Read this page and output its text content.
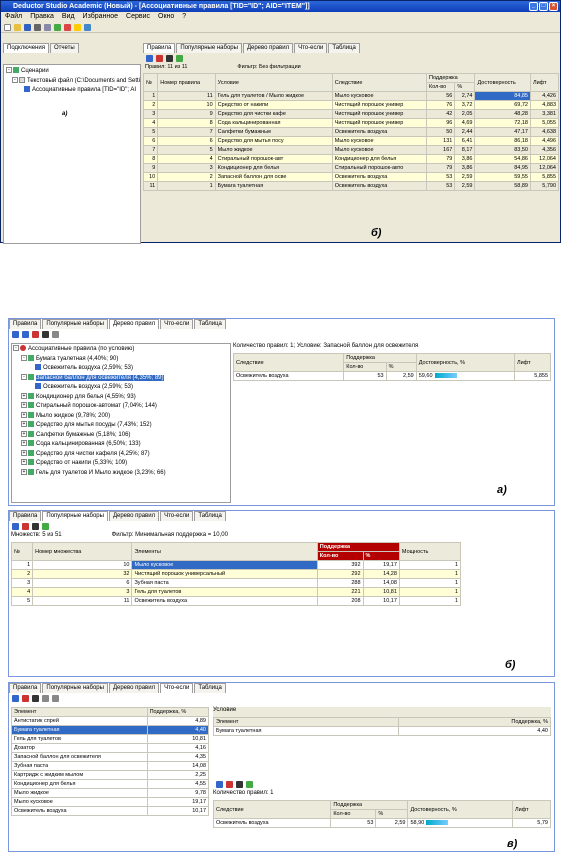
Deductor Studio Academic (Новый) - [Ассоциативные правила [TID="ID"; AID="ITEM"]]	_	□	×
Файл Правка Вид Избранное Сервис Окно ?
Подключения	Отчеты
- Сценарии
- Текстовый файл (C:\Documents and Setti
Ассоциативные правила [TID="ID"; AI
а)
Правила	Популярные наборы	Дерево правил	Что-если	Таблица
Правил: 11 из 11	Фильтр: Без фильтрации
№	Номер правила	Условие	Следствие	Поддержка		Достоверность	Лифт
				Кол-во	%		
1	11	Гель для туалетов / Мыло жидкое	Мыло кусковое	56	2,74	84,85	4,426
2	10	Средство от накипи	Чистящий порошок универ	76	3,72	69,72	4,883
3	9	Средство для чистки кафе	Чистящий порошок универ	42	2,05	48,28	3,381
4	8	Сода кальцинированная	Чистящий порошок универ	96	4,69	72,18	5,055
5	7	Салфетки бумажные	Освежитель воздуха	50	2,44	47,17	4,638
6	6	Средство для мытья посу	Мыло кусковое	131	6,41	86,18	4,496
7	5	Мыло жидкое	Мыло кусковое	167	8,17	83,50	4,356
8	4	Стиральный порошок-авт	Кондиционер для белья	79	3,86	54,86	12,064
9	3	Кондиционер для белья	Стиральный порошок-авто	79	3,86	84,95	12,064
10	2	Запасной баллон для осве	Освежитель воздуха	53	2,59	59,55	5,855
11	1	Бумага туалетная	Освежитель воздуха	53	2,59	58,89	5,790
б)
Правила	Популярные наборы	Дерево правил	Что-если	Таблица
- Ассоциативные правила (по условию)
- Бумага туалетная (4,40%; 90)
Освежитель воздуха (2,59%; 53)
- Запасной баллон для освежителя (4,35%; 89)
Освежитель воздуха (2,59%; 53)
+ Кондиционер для белья (4,55%; 93)
+ Стиральный порошок-автомат (7,04%; 144)
+ Мыло жидкое (9,78%; 200)
+ Средство для мытья посуды (7,43%; 152)
+ Салфетки бумажные (5,18%; 106)
+ Сода кальцинированная (6,50%; 133)
+ Средство для чистки кафеля (4,25%; 87)
+ Средство от накипи (5,33%; 109)
+ Гель для туалетов И Мыло жидкое (3,23%; 66)
Количество правил: 1; Условие: Запасной баллон для освежителя
Следствие	Поддержка		Достоверность, %	Лифт
	Кол-во	%		
Освежитель воздуха	53	2,59	59,60	5,855
а)
Правила	Популярные наборы	Дерево правил	Что-если	Таблица
Множеств: 5 из 51	Фильтр: Минимальная поддержка = 10,00
№	Номер множества	Элементы	Поддержка		Мощность
			Кол-во	%	
1	10	Мыло кусковое	392	19,17	1
2	32	Чистящий порошок универсальный	292	14,28	1
3	6	Зубная паста	288	14,08	1
4	3	Гель для туалетов	221	10,81	1
5	11	Освежитель воздуха	208	10,17	1
б)
Правила	Популярные наборы	Дерево правил	Что-если	Таблица
Элемент	Поддержка, %
Антистатик спрей	4,89
Бумага туалетная	4,40
Гель для туалетов	10,81
Дозатор	4,16
Запасной баллон для освежителя	4,35
Зубная паста	14,08
Картридж с жидким мылом	2,25
Кондиционер для белья	4,55
Мыло жидкое	9,78
Мыло кусковое	19,17
Освежитель воздуха	10,17
Условие
Элемент	Поддержка, %
Бумага туалетная	4,40
Количество правил: 1
Следствие	Поддержка		Достоверность, %	Лифт
	Кол-во	%		
Освежитель воздуха	53	2,59	58,90	5,79
в)
